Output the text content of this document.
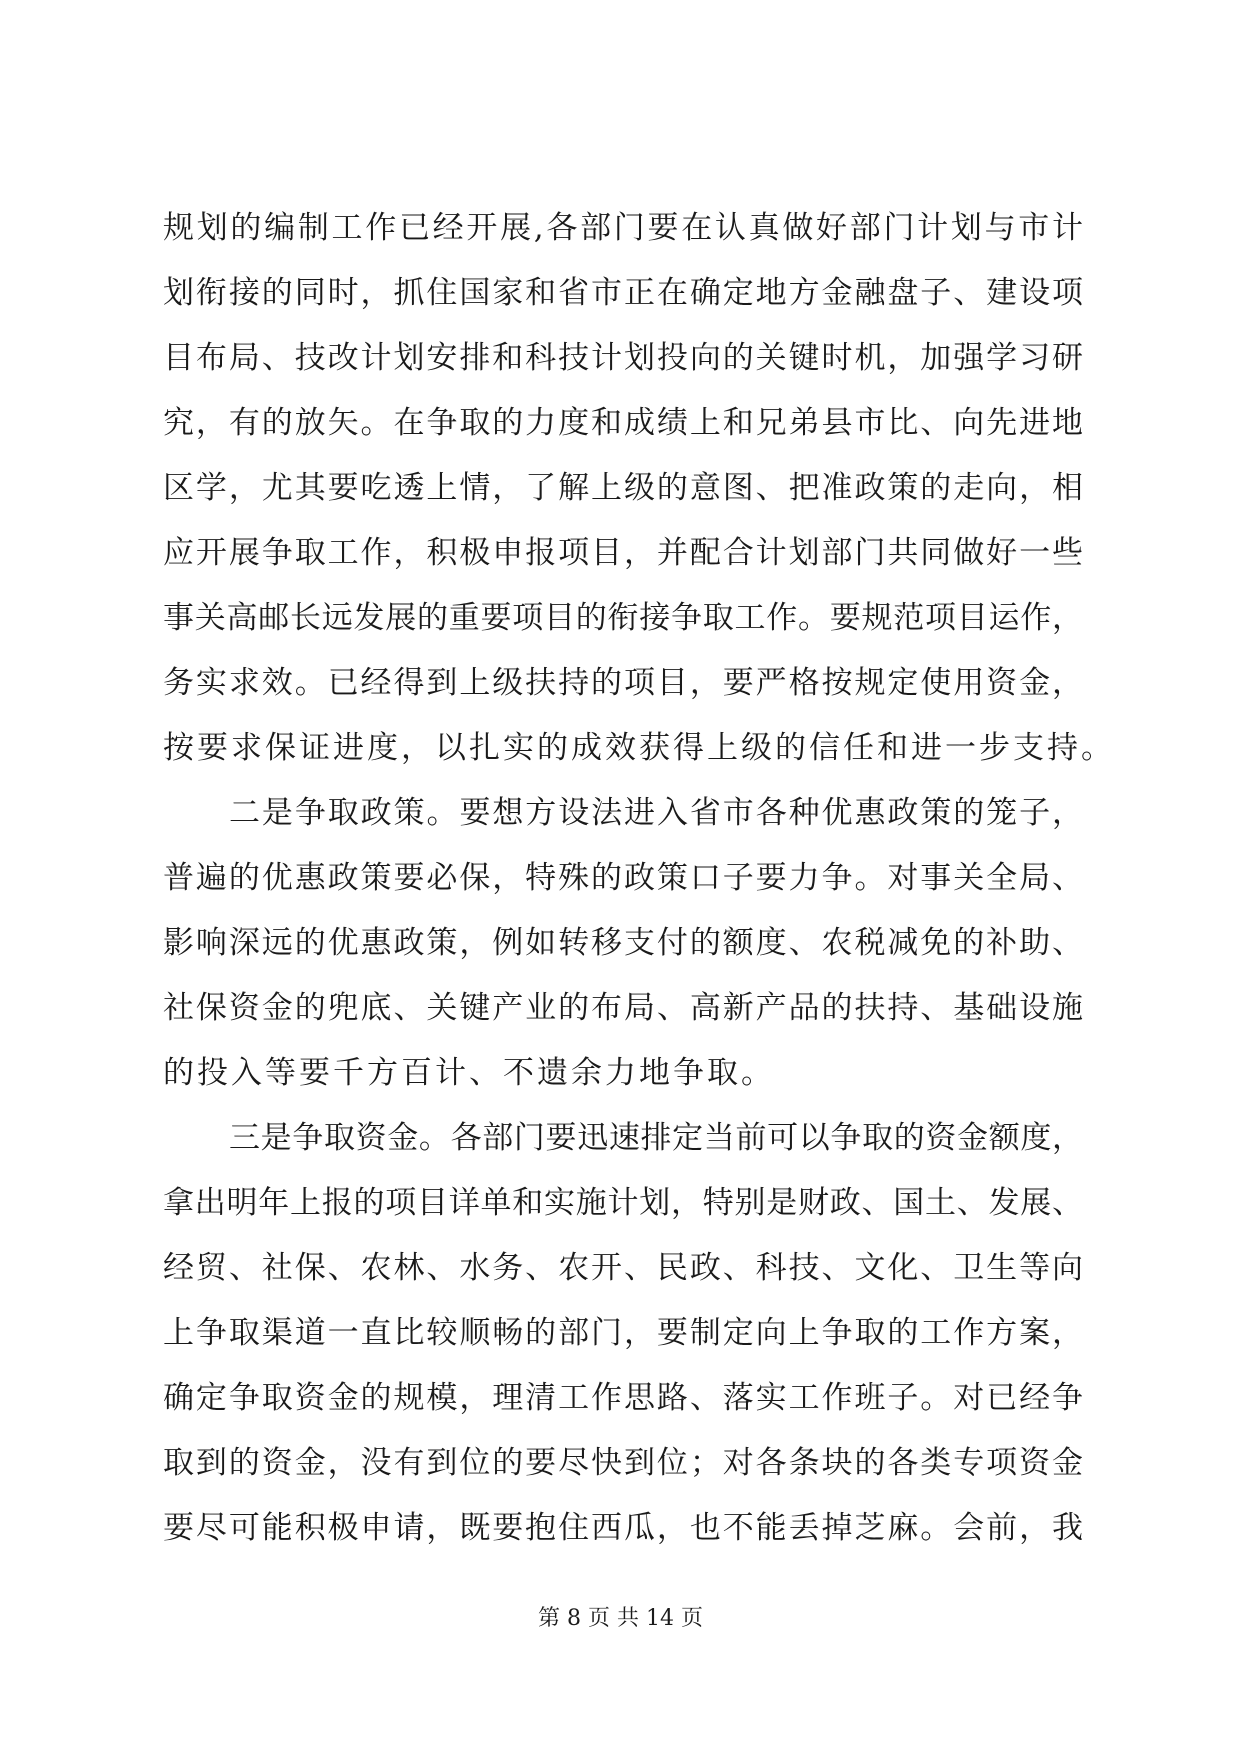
规划的编制工作已经开展,各部门要在认真做好部门计划与市计
划衔接的同时，抓住国家和省市正在确定地方金融盘子、建设项
目布局、技改计划安排和科技计划投向的关键时机，加强学习研
究，有的放矢。在争取的力度和成绩上和兄弟县市比、向先进地
区学，尤其要吃透上情，了解上级的意图、把准政策的走向，相
应开展争取工作，积极申报项目，并配合计划部门共同做好一些
事关高邮长远发展的重要项目的衔接争取工作。要规范项目运作，
务实求效。已经得到上级扶持的项目，要严格按规定使用资金，
按要求保证进度，以扎实的成效获得上级的信任和进一步支持。
二是争取政策。要想方设法进入省市各种优惠政策的笼子，
普遍的优惠政策要必保，特殊的政策口子要力争。对事关全局、
影响深远的优惠政策，例如转移支付的额度、农税减免的补助、
社保资金的兜底、关键产业的布局、高新产品的扶持、基础设施
的投入等要千方百计、不遗余力地争取。
三是争取资金。各部门要迅速排定当前可以争取的资金额度，
拿出明年上报的项目详单和实施计划，特别是财政、国土、发展、
经贸、社保、农林、水务、农开、民政、科技、文化、卫生等向
上争取渠道一直比较顺畅的部门，要制定向上争取的工作方案，
确定争取资金的规模，理清工作思路、落实工作班子。对已经争
取到的资金，没有到位的要尽快到位；对各条块的各类专项资金
要尽可能积极申请，既要抱住西瓜，也不能丢掉芝麻。会前，我
第 8 页 共 14 页
